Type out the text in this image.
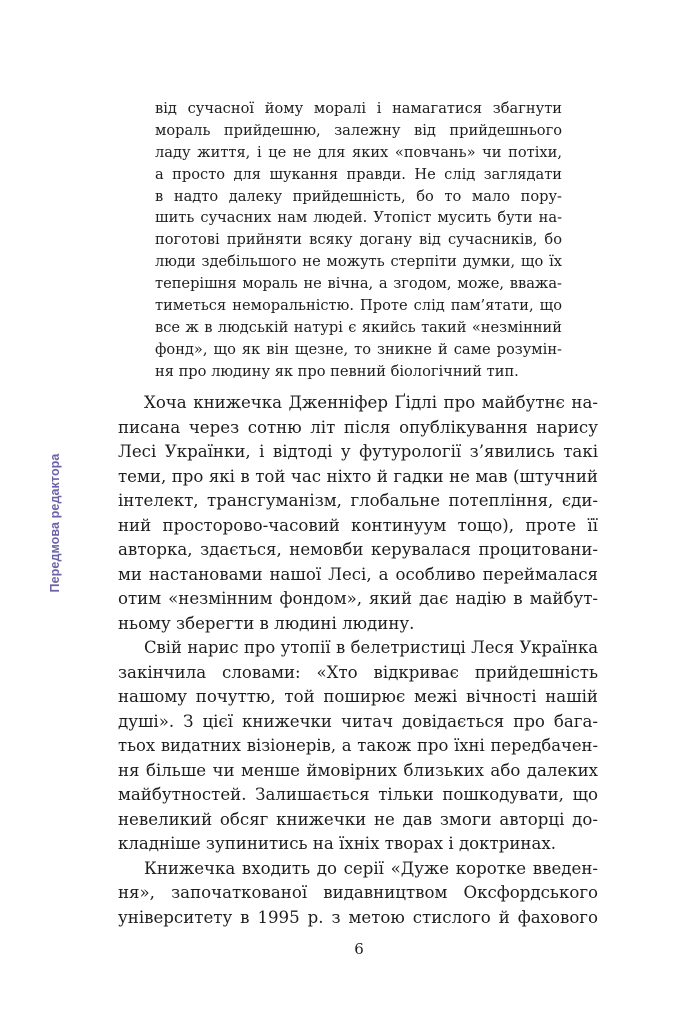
Передмова редактора
від сучасної йому моралі і намагатися збагнути
мораль прийдешню, залежну від прийдешнього
ладу життя, і це не для яких «повчань» чи потіхи,
а просто для шукання правди. Не слід заглядати
в надто далеку прийдешність, бо то мало пору-
шить сучасних нам людей. Утопіст мусить бути на-
поготові прийняти всяку догану від сучасників, бо
люди здебільшого не можуть стерпіти думки, що їх
теперішня мораль не вічна, а згодом, може, вважа-
тиметься неморальністю. Проте слід пам’ятати, що
все ж в людській натурі є якийсь такий «незмінний
фонд», що як він щезне, то зникне й саме розумін-
ня про людину як про певний біологічний тип.
Хоча книжечка Дженніфер Ґідлі про майбутнє на-
писана через сотню літ після опублікування нарису
Лесі Українки, і відтоді у футурології з’явились такі
теми, про які в той час ніхто й гадки не мав (штучний
інтелект, трансгуманізм, глобальне потепління, єди-
ний просторово-часовий континуум тощо), проте її
авторка, здається, немовби керувалася процитовани-
ми настановами нашої Лесі, а особливо переймалася
отим «незмінним фондом», який дає надію в майбут-
ньому зберегти в людині людину.
Свій нарис про утопії в белетристиці Леся Українка
закінчила словами: «Хто відкриває прийдешність
нашому почуттю, той поширює межі вічності нашій
душі». З цієї книжечки читач довідається про бага-
тьох видатних візіонерів, а також про їхні передбачен-
ня більше чи менше ймовірних близьких або далеких
майбутностей. Залишається тільки пошкодувати, що
невеликий обсяг книжечки не дав змоги авторці до-
кладніше зупинитись на їхніх творах і доктринах.
Книжечка входить до серії «Дуже коротке введен-
ня», започаткованої видавництвом Оксфордського
університету в 1995 р. з метою стислого й фахового
6
